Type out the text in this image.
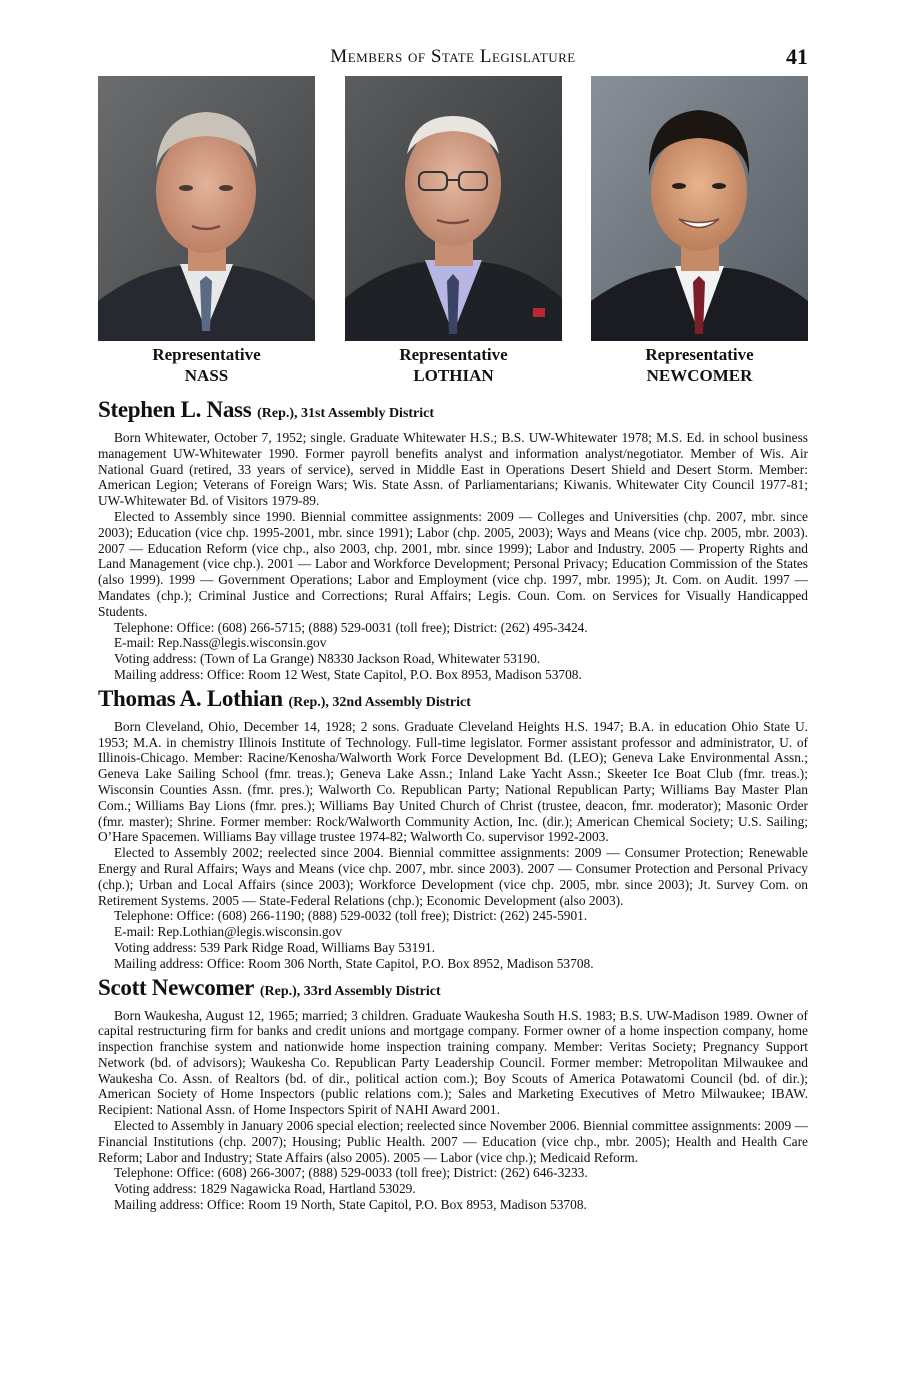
Members of State Legislature	41
Representative
NASS
Representative
LOTHIAN
Representative
NEWCOMER
Stephen L. Nass (Rep.), 31st Assembly District

Born Whitewater, October 7, 1952; single. Graduate Whitewater H.S.; B.S. UW-Whitewater 1978; M.S. Ed. in school business management UW-Whitewater 1990. Former payroll benefits analyst and information analyst/negotiator. Member of Wis. Air National Guard (retired, 33 years of service), served in Middle East in Operations Desert Shield and Desert Storm. Member: American Legion; Veterans of Foreign Wars; Wis. State Assn. of Parliamentarians; Kiwanis. Whitewater City Council 1977-81; UW-Whitewater Bd. of Visitors 1979-89.

Elected to Assembly since 1990. Biennial committee assignments: 2009 — Colleges and Universities (chp. 2007, mbr. since 2003); Education (vice chp. 1995-2001, mbr. since 1991); Labor (chp. 2005, 2003); Ways and Means (vice chp. 2005, mbr. 2003). 2007 — Education Reform (vice chp., also 2003, chp. 2001, mbr. since 1999); Labor and Industry. 2005 — Property Rights and Land Management (vice chp.). 2001 — Labor and Workforce Development; Personal Privacy; Education Commission of the States (also 1999). 1999 — Government Operations; Labor and Employment (vice chp. 1997, mbr. 1995); Jt. Com. on Audit. 1997 — Mandates (chp.); Criminal Justice and Corrections; Rural Affairs; Legis. Coun. Com. on Services for Visually Handicapped Students.

Telephone: Office: (608) 266-5715; (888) 529-0031 (toll free); District: (262) 495-3424.

E-mail: Rep.Nass@legis.wisconsin.gov

Voting address: (Town of La Grange) N8330 Jackson Road, Whitewater 53190.

Mailing address: Office: Room 12 West, State Capitol, P.O. Box 8953, Madison 53708.

Thomas A. Lothian (Rep.), 32nd Assembly District

Born Cleveland, Ohio, December 14, 1928; 2 sons. Graduate Cleveland Heights H.S. 1947; B.A. in education Ohio State U. 1953; M.A. in chemistry Illinois Institute of Technology. Full-time legislator. Former assistant professor and administrator, U. of Illinois-Chicago. Member: Racine/Kenosha/Walworth Work Force Development Bd. (LEO); Geneva Lake Environmental Assn.; Geneva Lake Sailing School (fmr. treas.); Geneva Lake Assn.; Inland Lake Yacht Assn.; Skeeter Ice Boat Club (fmr. treas.); Wisconsin Counties Assn. (fmr. pres.); Walworth Co. Republican Party; National Republican Party; Williams Bay Master Plan Com.; Williams Bay Lions (fmr. pres.); Williams Bay United Church of Christ (trustee, deacon, fmr. moderator); Masonic Order (fmr. master); Shrine. Former member: Rock/Walworth Community Action, Inc. (dir.); American Chemical Society; U.S. Sailing; O’Hare Spacemen. Williams Bay village trustee 1974-82; Walworth Co. supervisor 1992-2003.

Elected to Assembly 2002; reelected since 2004. Biennial committee assignments: 2009 — Consumer Protection; Renewable Energy and Rural Affairs; Ways and Means (vice chp. 2007, mbr. since 2003). 2007 — Consumer Protection and Personal Privacy (chp.); Urban and Local Affairs (since 2003); Workforce Development (vice chp. 2005, mbr. since 2003); Jt. Survey Com. on Retirement Systems. 2005 — State-Federal Relations (chp.); Economic Development (also 2003).

Telephone: Office: (608) 266-1190; (888) 529-0032 (toll free); District: (262) 245-5901.

E-mail: Rep.Lothian@legis.wisconsin.gov

Voting address: 539 Park Ridge Road, Williams Bay 53191.

Mailing address: Office: Room 306 North, State Capitol, P.O. Box 8952, Madison 53708.

Scott Newcomer (Rep.), 33rd Assembly District

Born Waukesha, August 12, 1965; married; 3 children. Graduate Waukesha South H.S. 1983; B.S. UW-Madison 1989. Owner of capital restructuring firm for banks and credit unions and mortgage company. Former owner of a home inspection company, home inspection franchise system and nationwide home inspection training company. Member: Veritas Society; Pregnancy Support Network (bd. of advisors); Waukesha Co. Republican Party Leadership Council. Former member: Metropolitan Milwaukee and Waukesha Co. Assn. of Realtors (bd. of dir., political action com.); Boy Scouts of America Potawatomi Council (bd. of dir.); American Society of Home Inspectors (public relations com.); Sales and Marketing Executives of Metro Milwaukee; IBAW. Recipient: National Assn. of Home Inspectors Spirit of NAHI Award 2001.

Elected to Assembly in January 2006 special election; reelected since November 2006. Biennial committee assignments: 2009 — Financial Institutions (chp. 2007); Housing; Public Health. 2007 — Education (vice chp., mbr. 2005); Health and Health Care Reform; Labor and Industry; State Affairs (also 2005). 2005 — Labor (vice chp.); Medicaid Reform.

Telephone: Office: (608) 266-3007; (888) 529-0033 (toll free); District: (262) 646-3233.

Voting address: 1829 Nagawicka Road, Hartland 53029.

Mailing address: Office: Room 19 North, State Capitol, P.O. Box 8953, Madison 53708.
